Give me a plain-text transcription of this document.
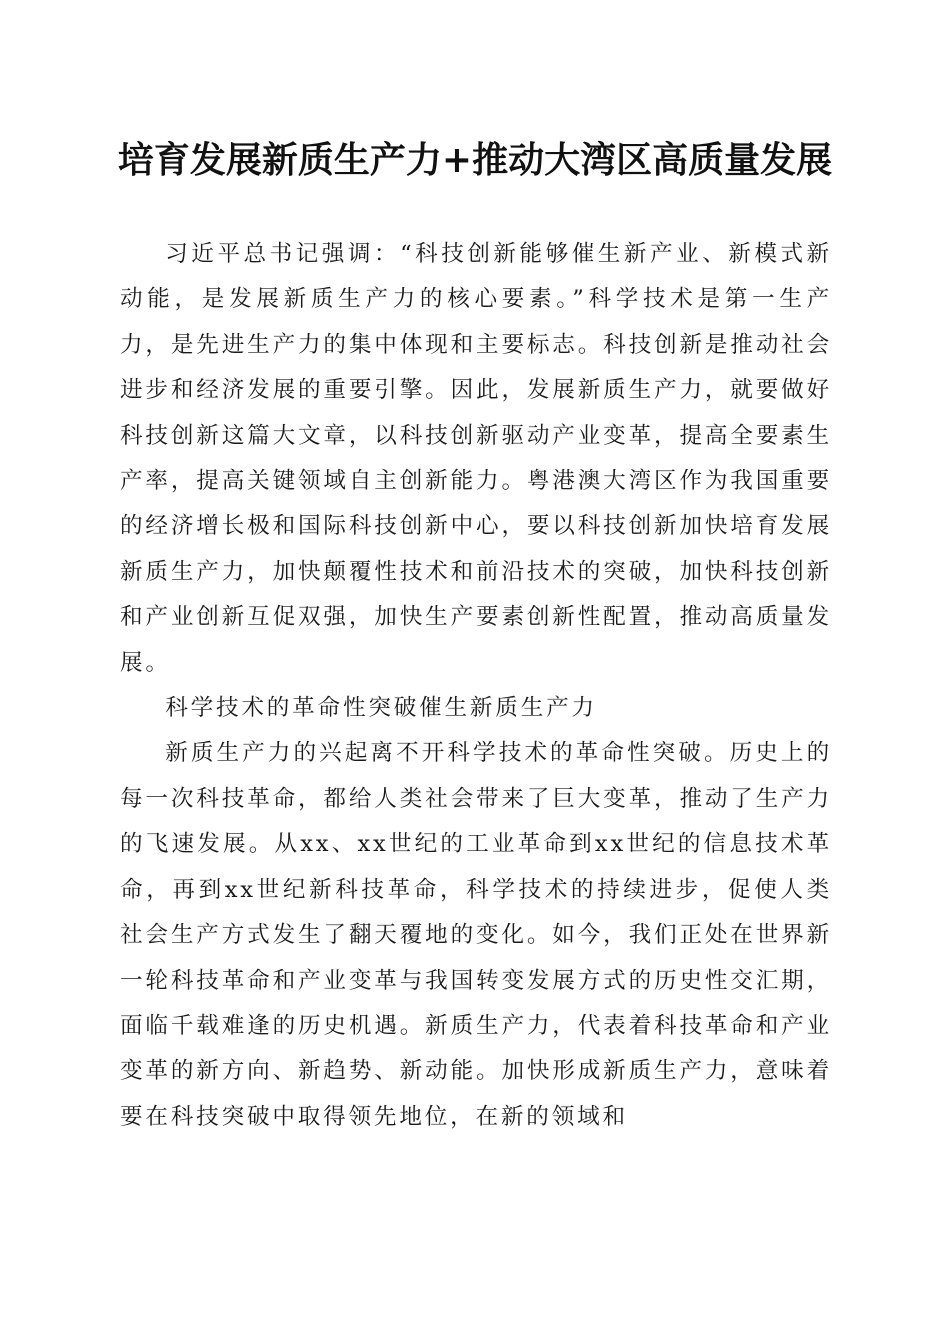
培育发展新质生产力+推动大湾区高质量发展

习近平总书记强调：“科技创新能够催生新产业、新模式新动能，是发展新质生产力的核心要素。”科学技术是第一生产力，是先进生产力的集中体现和主要标志。科技创新是推动社会进步和经济发展的重要引擎。因此，发展新质生产力，就要做好科技创新这篇大文章，以科技创新驱动产业变革，提高全要素生产率，提高关键领域自主创新能力。粤港澳大湾区作为我国重要的经济增长极和国际科技创新中心，要以科技创新加快培育发展新质生产力，加快颠覆性技术和前沿技术的突破，加快科技创新和产业创新互促双强，加快生产要素创新性配置，推动高质量发展。

科学技术的革命性突破催生新质生产力

新质生产力的兴起离不开科学技术的革命性突破。历史上的每一次科技革命，都给人类社会带来了巨大变革，推动了生产力的飞速发展。从xx、xx世纪的工业革命到xx世纪的信息技术革命，再到xx世纪新科技革命，科学技术的持续进步，促使人类社会生产方式发生了翻天覆地的变化。如今，我们正处在世界新一轮科技革命和产业变革与我国转变发展方式的历史性交汇期，面临千载难逢的历史机遇。新质生产力，代表着科技革命和产业变革的新方向、新趋势、新动能。加快形成新质生产力，意味着要在科技突破中取得领先地位，在新的领域和
